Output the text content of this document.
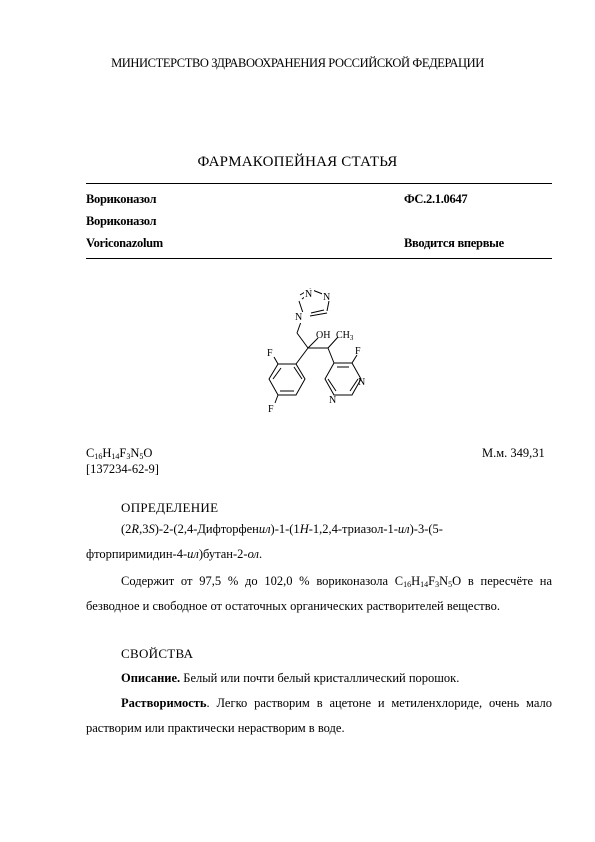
МИНИСТЕРСТВО ЗДРАВООХРАНЕНИЯ РОССИЙСКОЙ ФЕДЕРАЦИИ
ФАРМАКОПЕЙНАЯ СТАТЬЯ
Вориконазол	ФС.2.1.0647
Вориконазол
Voriconazolum	Вводится впервые
N N
N
OH $CH_3$
F
F
F
N
N
$C_{16}H_{14}F_3N_5O$	М.м. 349,31
[137234-62-9]
ОПРЕДЕЛЕНИЕ
(2R,3S)-2-(2,4-Дифторфенил)-1-(1H-1,2,4-триазол-1-ил)-3-(5-
фторпиримидин-4-ил)бутан-2-ол.
Содержит от 97,5 % до 102,0 % вориконазола $C_{16}H_{14}F_3N_5O$ в пересчёте на безводное и свободное от остаточных органических растворителей вещество.
СВОЙСТВА
Описание. Белый или почти белый кристаллический порошок.
Растворимость. Легко растворим в ацетоне и метиленхлориде, очень мало растворим или практически нерастворим в воде.
